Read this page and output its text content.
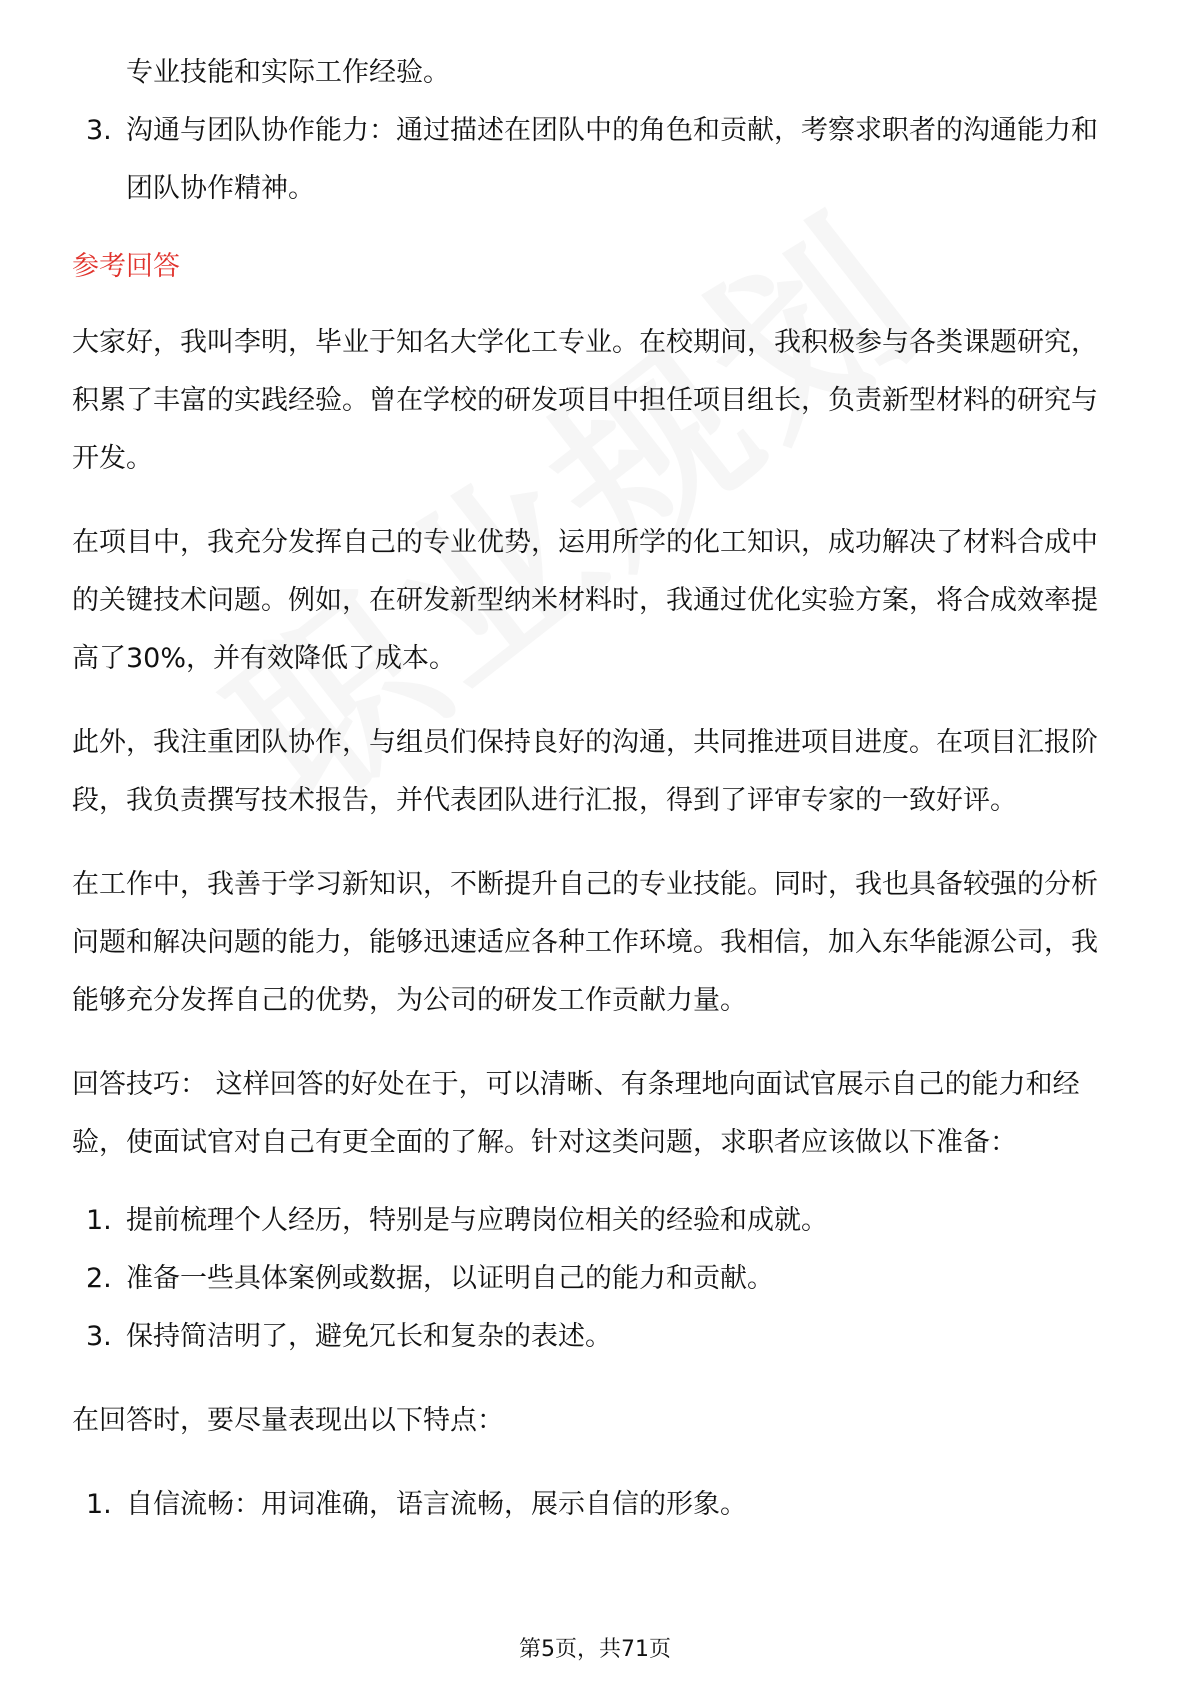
专业技能和实际工作经验。

3. 沟通与团队协作能力：通过描述在团队中的角色和贡献，考察求职者的沟通能力和团队协作精神。
参考回答

大家好，我叫李明，毕业于知名大学化工专业。在校期间，我积极参与各类课题研究，积累了丰富的实践经验。曾在学校的研发项目中担任项目组长，负责新型材料的研究与开发。

在项目中，我充分发挥自己的专业优势，运用所学的化工知识，成功解决了材料合成中的关键技术问题。例如，在研发新型纳米材料时，我通过优化实验方案，将合成效率提高了30%，并有效降低了成本。

此外，我注重团队协作，与组员们保持良好的沟通，共同推进项目进度。在项目汇报阶段，我负责撰写技术报告，并代表团队进行汇报，得到了评审专家的一致好评。

在工作中，我善于学习新知识，不断提升自己的专业技能。同时，我也具备较强的分析问题和解决问题的能力，能够迅速适应各种工作环境。我相信，加入东华能源公司，我能够充分发挥自己的优势，为公司的研发工作贡献力量。

回答技巧： 这样回答的好处在于，可以清晰、有条理地向面试官展示自己的能力和经验，使面试官对自己有更全面的了解。针对这类问题，求职者应该做以下准备：

1. 提前梳理个人经历，特别是与应聘岗位相关的经验和成就。
2. 准备一些具体案例或数据，以证明自己的能力和贡献。
3. 保持简洁明了，避免冗长和复杂的表述。

在回答时，要尽量表现出以下特点：

1. 自信流畅：用词准确，语言流畅，展示自信的形象。
第5页，共71页
